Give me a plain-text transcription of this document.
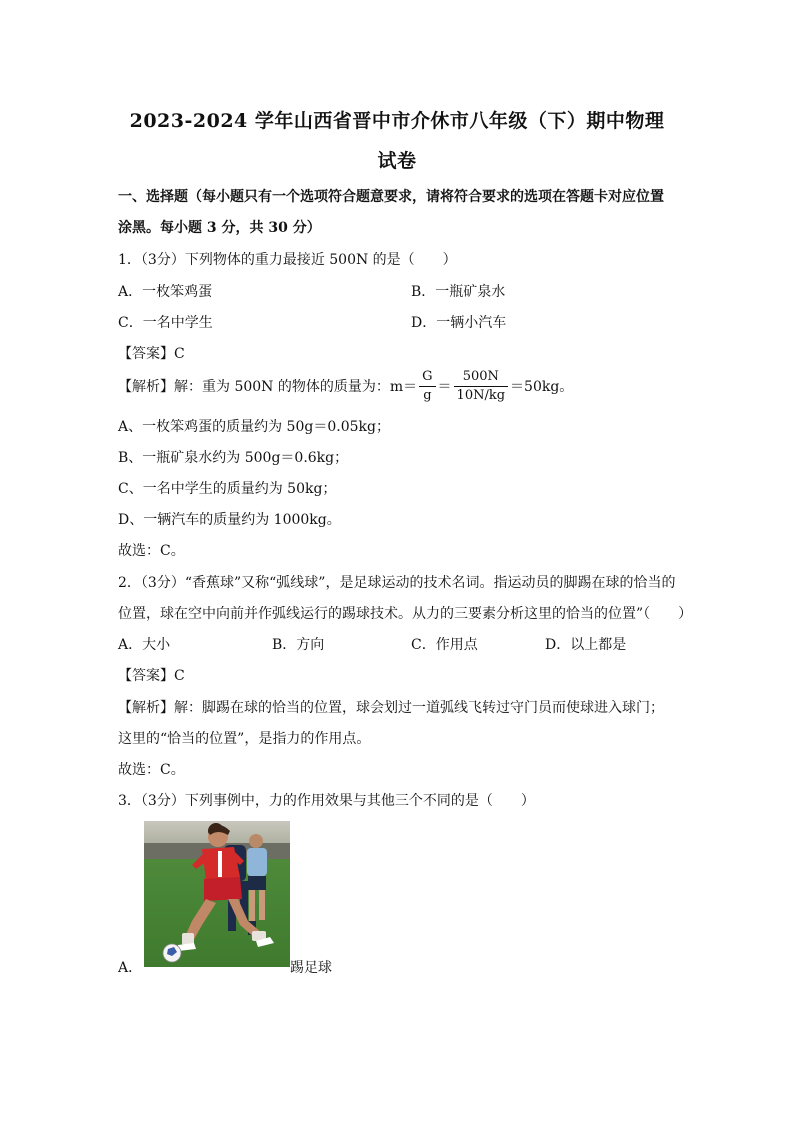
2023-2024 学年山西省晋中市介休市八年级（下）期中物理
试卷
一、选择题（每小题只有一个选项符合题意要求，请将符合要求的选项在答题卡对应位置
涂黑。每小题 3 分，共 30 分）
1．（3分）下列物体的重力最接近 500N 的是（　　）
A．一枚笨鸡蛋	B．一瓶矿泉水
C．一名中学生	D．一辆小汽车
【答案】C
【解析】解：重为 500N 的物体的质量为：$m= \frac{G}{g} = \frac{500N}{10N/kg} =50kg$。
A、一枚笨鸡蛋的质量约为 50g＝0.05kg；
B、一瓶矿泉水约为 500g＝0.6kg；
C、一名中学生的质量约为 50kg；
D、一辆汽车的质量约为 1000kg。
故选：C。
2．（3分）“香蕉球”又称“弧线球”，是足球运动的技术名词。指运动员的脚踢在球的恰当的
位置，球在空中向前并作弧线运行的踢球技术。从力的三要素分析这里的恰当的位置”（　　）
A．大小	B．方向	C．作用点	D．以上都是
【答案】C
【解析】解：脚踢在球的恰当的位置，球会划过一道弧线飞转过守门员而使球进入球门；
这里的“恰当的位置”，是指力的作用点。
故选：C。
3．（3分）下列事例中，力的作用效果与其他三个不同的是（　　）
A．	踢足球
